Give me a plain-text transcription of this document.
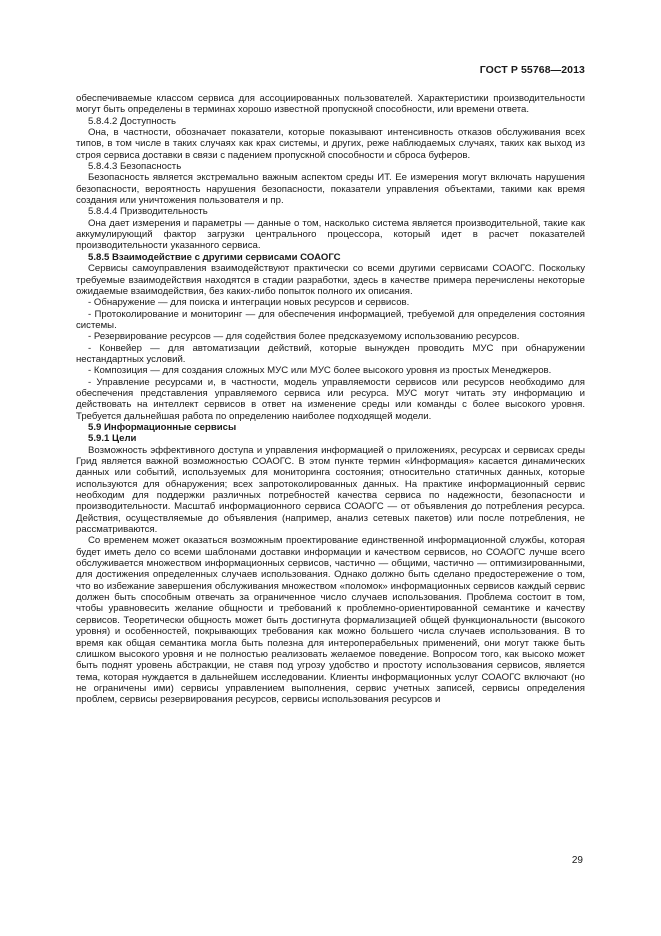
ГОСТ Р 55768—2013

обеспечиваемые классом сервиса для ассоциированных пользователей. Характеристики производительности могут быть определены в терминах хорошо известной пропускной способности, или времени ответа.

5.8.4.2 Доступность

Она, в частности, обозначает показатели, которые показывают интенсивность отказов обслуживания всех типов, в том числе в таких случаях как крах системы, и других, реже наблюдаемых случаях, таких как выход из строя сервиса доставки в связи с падением пропускной способности и сброса буферов.

5.8.4.3 Безопасность

Безопасность является экстремально важным аспектом среды ИТ. Ее измерения могут включать нарушения безопасности, вероятность нарушения безопасности, показатели управления объектами, такими как время создания или уничтожения пользователя и пр.

5.8.4.4 Призводительность

Она дает измерения и параметры — данные о том, насколько система является производительной, такие как аккумулирующий фактор загрузки центрального процессора, который идет в расчет показателей производительности указанного сервиса.

5.8.5 Взаимодействие с другими сервисами СОАОГС

Сервисы самоуправления взаимодействуют практически со всеми другими сервисами СОАОГС. Поскольку требуемые взаимодействия находятся в стадии разработки, здесь в качестве примера перечислены некоторые ожидаемые взаимодействия, без каких-либо попыток полного их описания.

- Обнаружение — для поиска и интеграции новых ресурсов и сервисов.

- Протоколирование и мониторинг — для обеспечения информацией, требуемой для определения состояния системы.

- Резервирование ресурсов — для содействия более предсказуемому использованию ресурсов.

- Конвейер — для автоматизации действий, которые вынужден проводить МУС при обнаружении нестандартных условий.

- Композиция — для создания сложных МУС или МУС более высокого уровня из простых Менеджеров.

- Управление ресурсами и, в частности, модель управляемости сервисов или ресурсов необходимо для обеспечения представления управляемого сервиса или ресурса. МУС могут читать эту информацию и действовать на интеллект сервисов в ответ на изменение среды или команды с более высокого уровня. Требуется дальнейшая работа по определению наиболее подходящей модели.

5.9 Информационные сервисы

5.9.1 Цели

Возможность эффективного доступа и управления информацией о приложениях, ресурсах и сервисах среды Грид является важной возможностью СОАОГС. В этом пункте термин «Информация» касается динамических данных или событий, используемых для мониторинга состояния; относительно статичных данных, которые используются для обнаружения; всех запротоколированных данных. На практике информационный сервис необходим для поддержки различных потребностей качества сервиса по надежности, безопасности и производительности. Масштаб информационного сервиса СОАОГС — от объявления до потребления ресурса. Действия, осуществляемые до объявления (например, анализ сетевых пакетов) или после потребления, не рассматриваются.

Со временем может оказаться возможным проектирование единственной информационной службы, которая будет иметь дело со всеми шаблонами доставки информации и качеством сервисов, но СОАОГС лучше всего обслуживается множеством информационных сервисов, частично — общими, частично — оптимизированными, для достижения определенных случаев использования. Однако должно быть сделано предостережение о том, что во избежание завершения обслуживания множеством «поломок» информационных сервисов каждый сервис должен быть способным отвечать за ограниченное число случаев использования. Проблема состоит в том, чтобы уравновесить желание общности и требований к проблемно-ориентированной семантике и качеству сервисов. Теоретически общность может быть достигнута формализацией общей функциональности (высокого уровня) и особенностей, покрывающих требования как можно большего числа случаев использования. В то время как общая семантика могла быть полезна для интероперабельных применений, они могут также быть слишком высокого уровня и не полностью реализовать желаемое поведение. Вопросом того, как высоко может быть поднят уровень абстракции, не ставя под угрозу удобство и простоту использования сервисов, является тема, которая нуждается в дальнейшем исследовании. Клиенты информационных услуг СОАОГС включают (но не ограничены ими) сервисы управлением выполнения, сервис учетных записей, сервисы определения проблем, сервисы резервирования ресурсов, сервисы использования ресурсов и

29
